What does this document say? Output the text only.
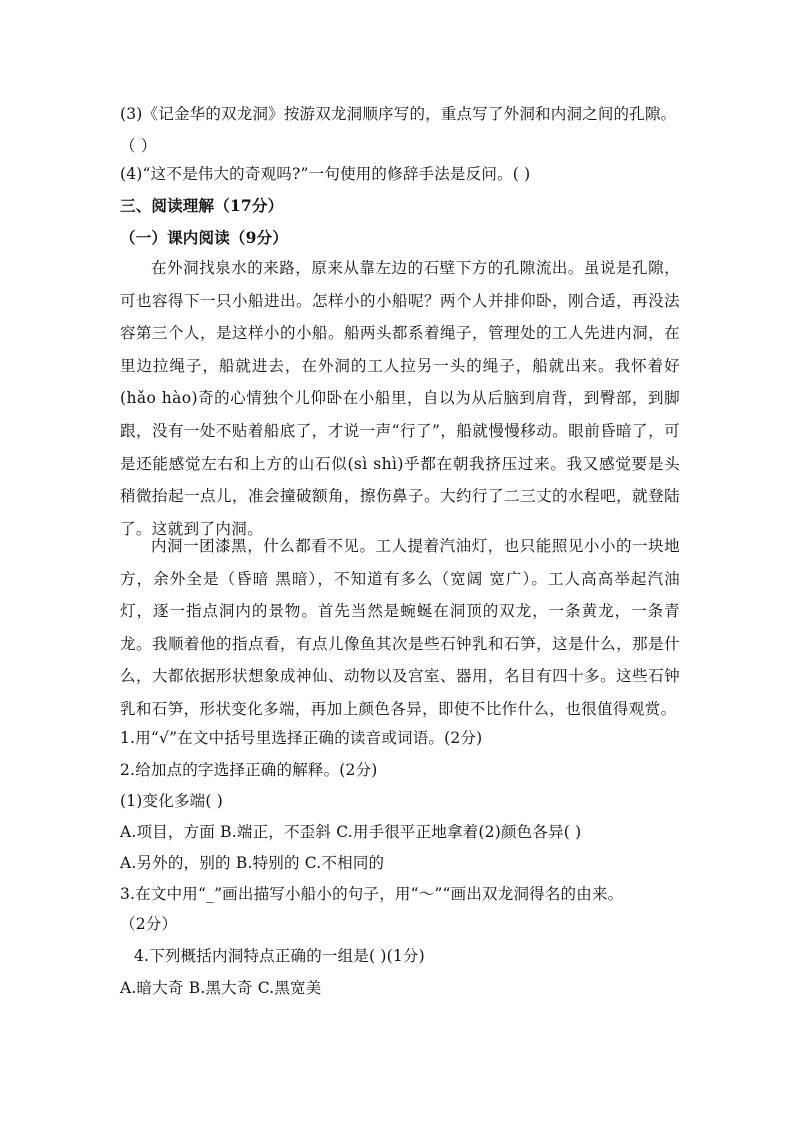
(3)《记金华的双龙洞》按游双龙洞顺序写的，重点写了外洞和内洞之间的孔隙。
（ ）
(4)“这不是伟大的奇观吗?”一句使用的修辞手法是反问。( )
三、阅读理解（17分）
（一）课内阅读（9分）
在外洞找泉水的来路，原来从靠左边的石壁下方的孔隙流出。虽说是孔隙，可也容得下一只小船进出。怎样小的小船呢？两个人并排仰卧，刚合适，再没法容第三个人，是这样小的小船。船两头都系着绳子，管理处的工人先进内洞，在里边拉绳子，船就进去，在外洞的工人拉另一头的绳子，船就出来。我怀着好(hǎo hào)奇的心情独个儿仰卧在小船里，自以为从后脑到肩背，到臀部，到脚跟，没有一处不贴着船底了，才说一声“行了”，船就慢慢移动。眼前昏暗了，可是还能感觉左右和上方的山石似(sì shì)乎都在朝我挤压过来。我又感觉要是头稍微抬起一点儿，准会撞破额角，擦伤鼻子。大约行了二三丈的水程吧，就登陆了。这就到了内洞。
内洞一团漆黑，什么都看不见。工人提着汽油灯，也只能照见小小的一块地方，余外全是（昏暗 黑暗），不知道有多么（宽阔 宽广）。工人高高举起汽油灯，逐一指点洞内的景物。首先当然是蜿蜒在洞顶的双龙，一条黄龙，一条青龙。我顺着他的指点看，有点儿像鱼其次是些石钟乳和石笋，这是什么，那是什么，大都依据形状想象成神仙、动物以及宫室、器用，名目有四十多。这些石钟乳和石笋，形状变化多端，再加上颜色各异，即使不比作什么，也很值得观赏。
1.用“√”在文中括号里选择正确的读音或词语。(2分)
2.给加点的字选择正确的解释。(2分)
(1)变化多端( )
A.项目，方面 B.端正，不歪斜 C.用手很平正地拿着(2)颜色各异( )
A.另外的，别的 B.特别的 C.不相同的
3.在文中用“_”画出描写小船小的句子，用“～”“画出双龙洞得名的由来。
（2分）
4.下列概括内洞特点正确的一组是( )(1分)
A.暗大奇 B.黑大奇 C.黑宽美
